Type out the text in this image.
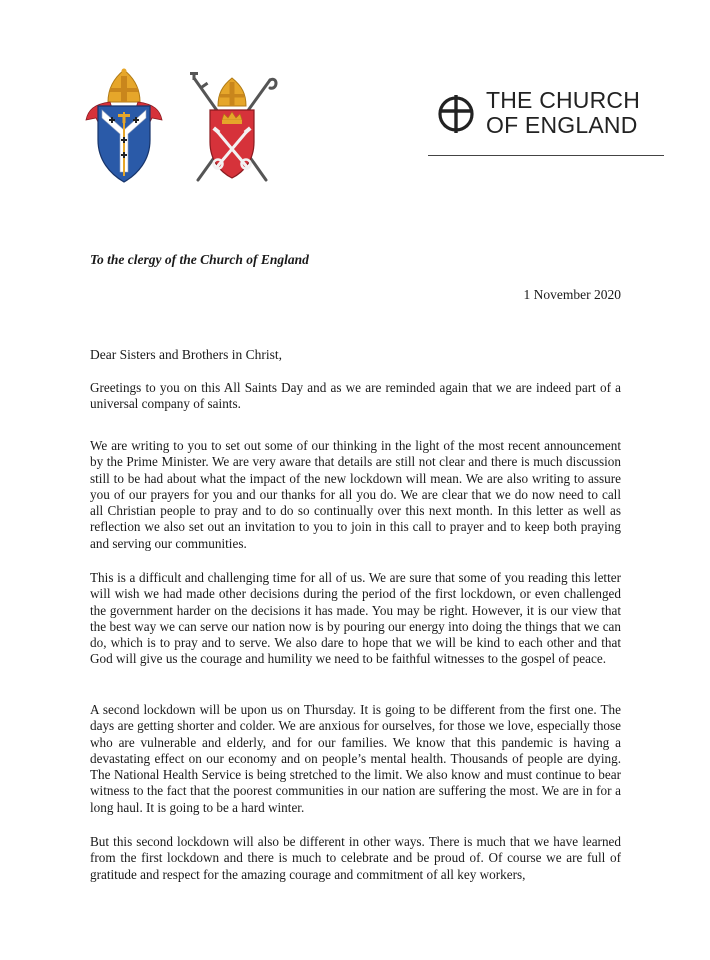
THE CHURCH
OF ENGLAND
To the clergy of the Church of England
1 November 2020
Dear Sisters and Brothers in Christ,

Greetings to you on this All Saints Day and as we are reminded again that we are indeed part of a universal company of saints.

We are writing to you to set out some of our thinking in the light of the most recent announcement by the Prime Minister. We are very aware that details are still not clear and there is much discussion still to be had about what the impact of the new lockdown will mean. We are also writing to assure you of our prayers for you and our thanks for all you do. We are clear that we do now need to call all Christian people to pray and to do so continually over this next month. In this letter as well as reflection we also set out an invitation to you to join in this call to prayer and to keep both praying and serving our communities.

This is a difficult and challenging time for all of us. We are sure that some of you reading this letter will wish we had made other decisions during the period of the first lockdown, or even challenged the government harder on the decisions it has made. You may be right. However, it is our view that the best way we can serve our nation now is by pouring our energy into doing the things that we can do, which is to pray and to serve. We also dare to hope that we will be kind to each other and that God will give us the courage and humility we need to be faithful witnesses to the gospel of peace.

A second lockdown will be upon us on Thursday. It is going to be different from the first one. The days are getting shorter and colder. We are anxious for ourselves, for those we love, especially those who are vulnerable and elderly, and for our families. We know that this pandemic is having a devastating effect on our economy and on people’s mental health. Thousands of people are dying. The National Health Service is being stretched to the limit. We also know and must continue to bear witness to the fact that the poorest communities in our nation are suffering the most. We are in for a long haul. It is going to be a hard winter.

But this second lockdown will also be different in other ways. There is much that we have learned from the first lockdown and there is much to celebrate and be proud of. Of course we are full of gratitude and respect for the amazing courage and commitment of all key workers,
